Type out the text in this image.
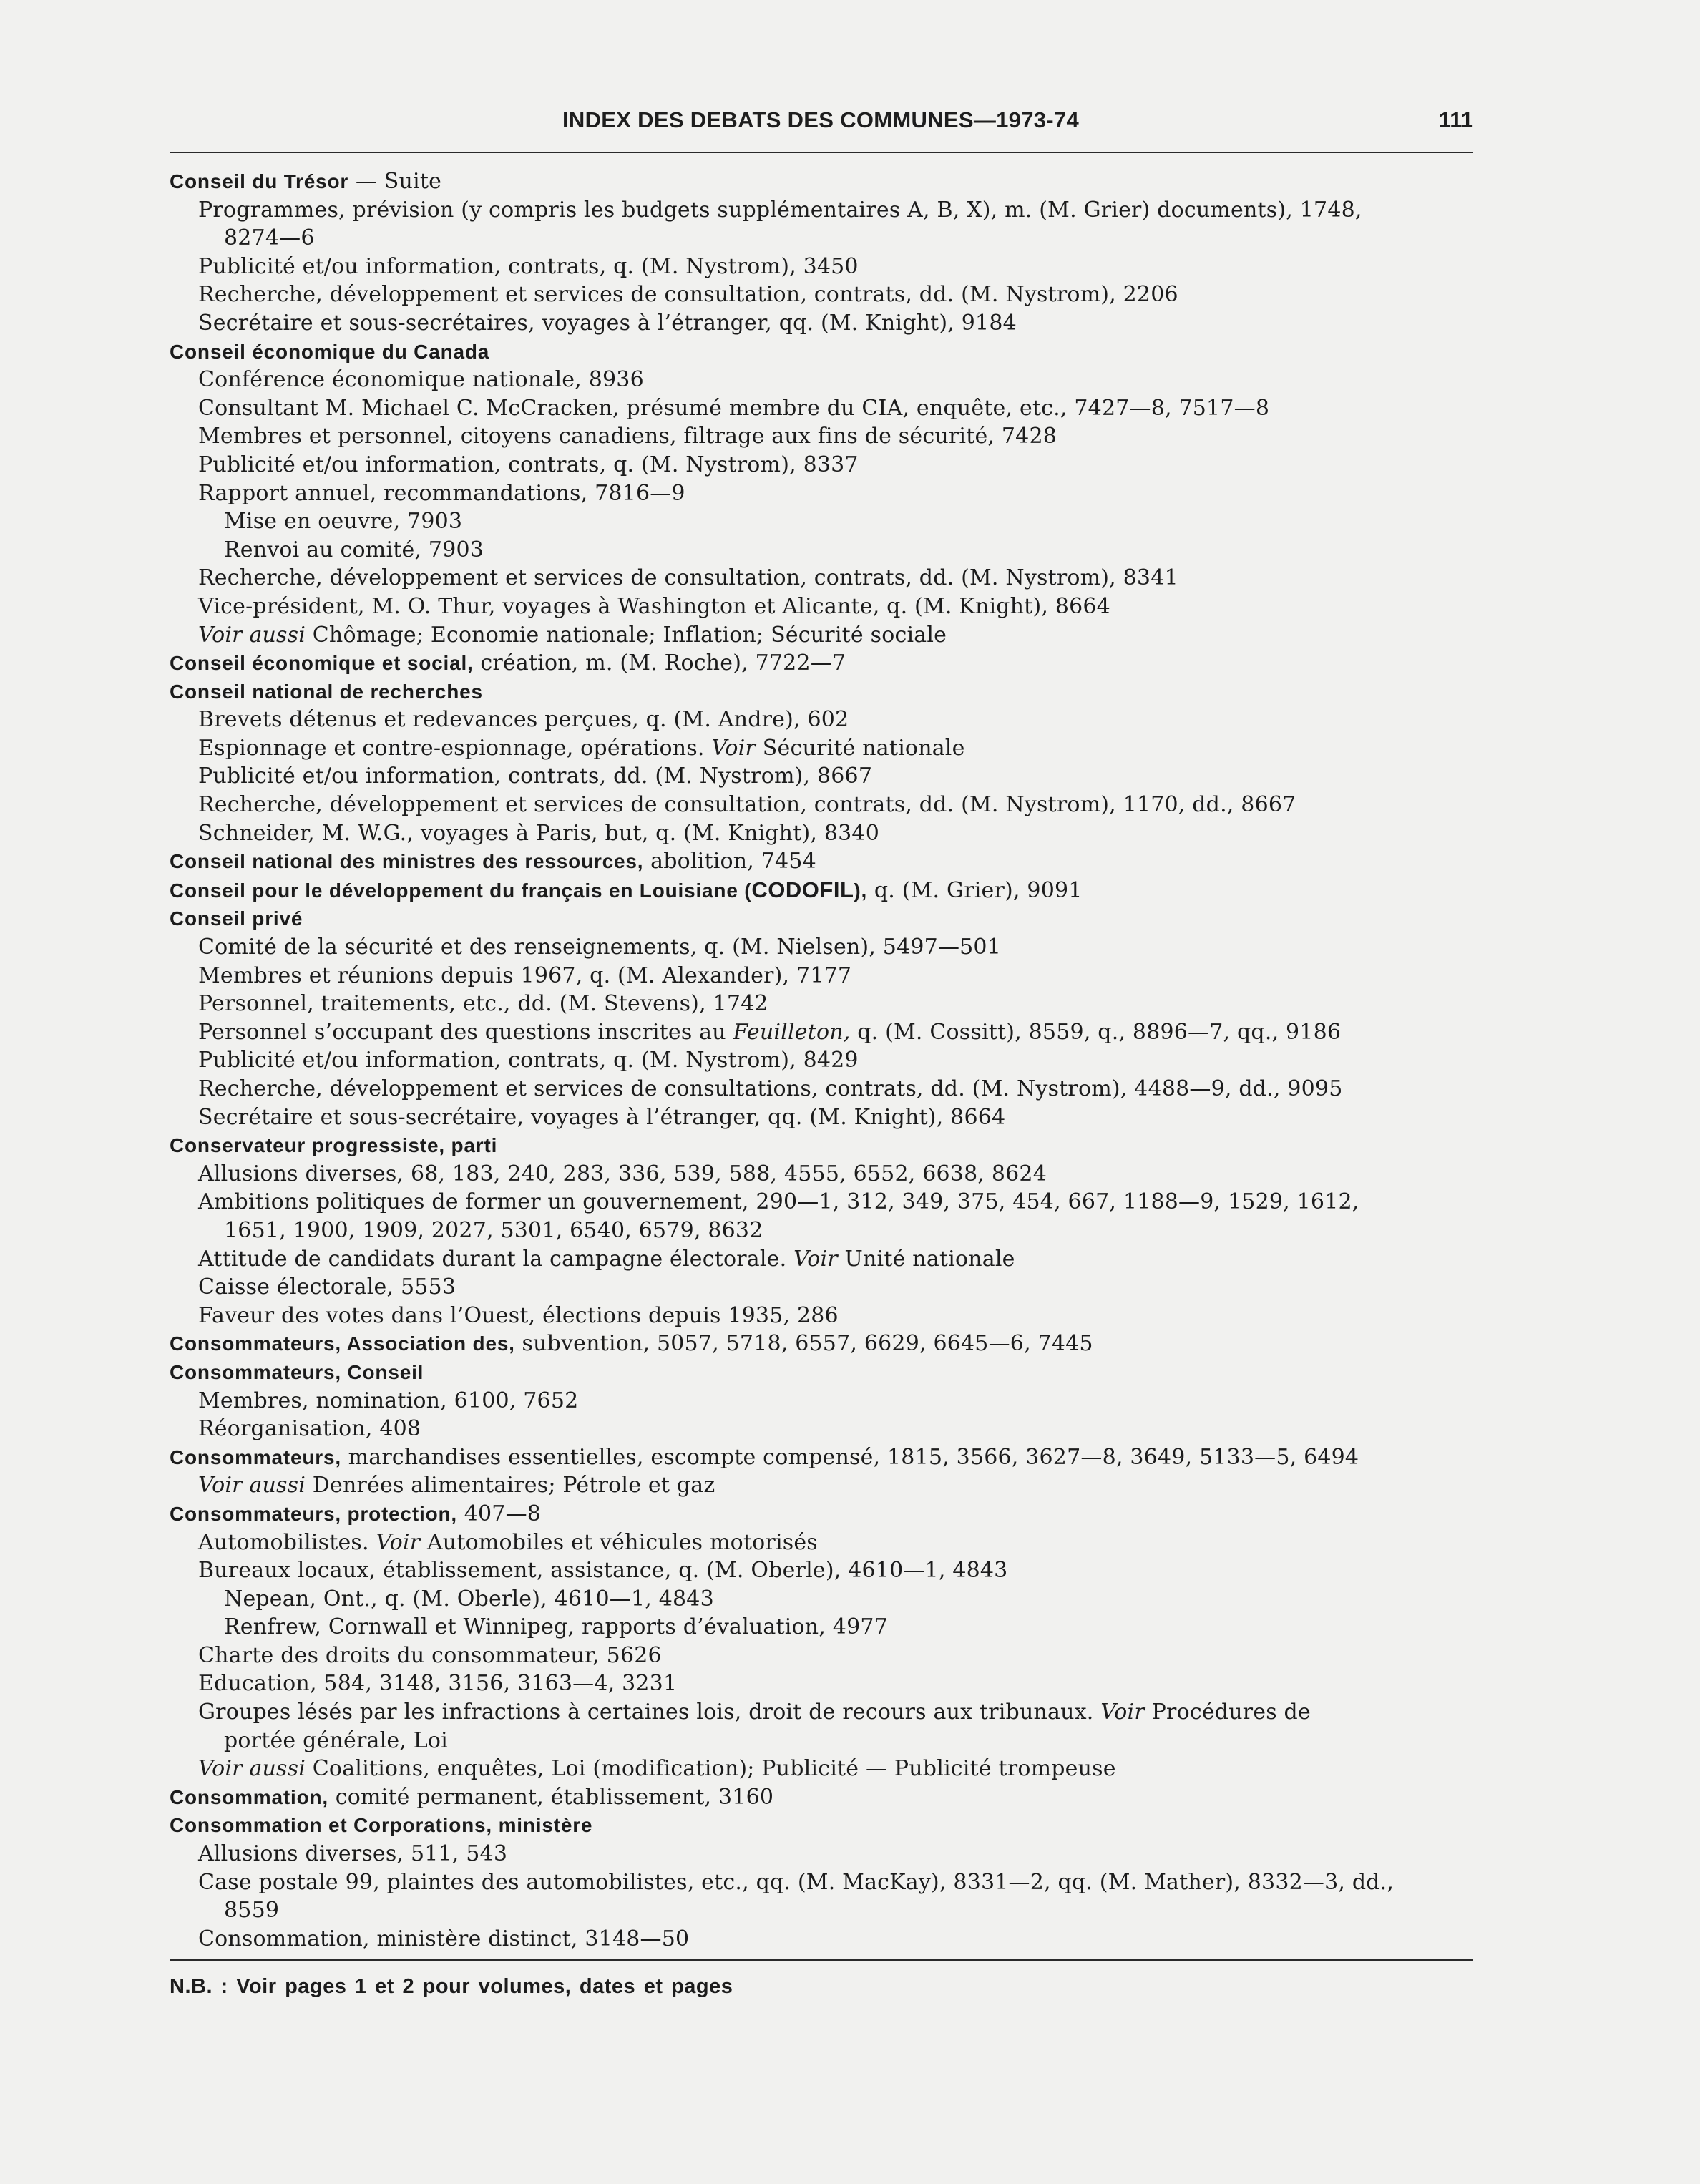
INDEX DES DEBATS DES COMMUNES—1973-74	111
Conseil du Trésor — Suite
Programmes, prévision (y compris les budgets supplémentaires A, B, X), m. (M. Grier) documents), 1748,
8274—6
Publicité et/ou information, contrats, q. (M. Nystrom), 3450
Recherche, développement et services de consultation, contrats, dd. (M. Nystrom), 2206
Secrétaire et sous-secrétaires, voyages à l’étranger, qq. (M. Knight), 9184
Conseil économique du Canada
Conférence économique nationale, 8936
Consultant M. Michael C. McCracken, présumé membre du CIA, enquête, etc., 7427—8, 7517—8
Membres et personnel, citoyens canadiens, filtrage aux fins de sécurité, 7428
Publicité et/ou information, contrats, q. (M. Nystrom), 8337
Rapport annuel, recommandations, 7816—9
Mise en oeuvre, 7903
Renvoi au comité, 7903
Recherche, développement et services de consultation, contrats, dd. (M. Nystrom), 8341
Vice-président, M. O. Thur, voyages à Washington et Alicante, q. (M. Knight), 8664
Voir aussi Chômage; Economie nationale; Inflation; Sécurité sociale
Conseil économique et social, création, m. (M. Roche), 7722—7
Conseil national de recherches
Brevets détenus et redevances perçues, q. (M. Andre), 602
Espionnage et contre-espionnage, opérations. Voir Sécurité nationale
Publicité et/ou information, contrats, dd. (M. Nystrom), 8667
Recherche, développement et services de consultation, contrats, dd. (M. Nystrom), 1170, dd., 8667
Schneider, M. W.G., voyages à Paris, but, q. (M. Knight), 8340
Conseil national des ministres des ressources, abolition, 7454
Conseil pour le développement du français en Louisiane (CODOFIL), q. (M. Grier), 9091
Conseil privé
Comité de la sécurité et des renseignements, q. (M. Nielsen), 5497—501
Membres et réunions depuis 1967, q. (M. Alexander), 7177
Personnel, traitements, etc., dd. (M. Stevens), 1742
Personnel s’occupant des questions inscrites au Feuilleton, q. (M. Cossitt), 8559, q., 8896—7, qq., 9186
Publicité et/ou information, contrats, q. (M. Nystrom), 8429
Recherche, développement et services de consultations, contrats, dd. (M. Nystrom), 4488—9, dd., 9095
Secrétaire et sous-secrétaire, voyages à l’étranger, qq. (M. Knight), 8664
Conservateur progressiste, parti
Allusions diverses, 68, 183, 240, 283, 336, 539, 588, 4555, 6552, 6638, 8624
Ambitions politiques de former un gouvernement, 290—1, 312, 349, 375, 454, 667, 1188—9, 1529, 1612,
1651, 1900, 1909, 2027, 5301, 6540, 6579, 8632
Attitude de candidats durant la campagne électorale. Voir Unité nationale
Caisse électorale, 5553
Faveur des votes dans l’Ouest, élections depuis 1935, 286
Consommateurs, Association des, subvention, 5057, 5718, 6557, 6629, 6645—6, 7445
Consommateurs, Conseil
Membres, nomination, 6100, 7652
Réorganisation, 408
Consommateurs, marchandises essentielles, escompte compensé, 1815, 3566, 3627—8, 3649, 5133—5, 6494
Voir aussi Denrées alimentaires; Pétrole et gaz
Consommateurs, protection, 407—8
Automobilistes. Voir Automobiles et véhicules motorisés
Bureaux locaux, établissement, assistance, q. (M. Oberle), 4610—1, 4843
Nepean, Ont., q. (M. Oberle), 4610—1, 4843
Renfrew, Cornwall et Winnipeg, rapports d’évaluation, 4977
Charte des droits du consommateur, 5626
Education, 584, 3148, 3156, 3163—4, 3231
Groupes lésés par les infractions à certaines lois, droit de recours aux tribunaux. Voir Procédures de
portée générale, Loi
Voir aussi Coalitions, enquêtes, Loi (modification); Publicité — Publicité trompeuse
Consommation, comité permanent, établissement, 3160
Consommation et Corporations, ministère
Allusions diverses, 511, 543
Case postale 99, plaintes des automobilistes, etc., qq. (M. MacKay), 8331—2, qq. (M. Mather), 8332—3, dd.,
8559
Consommation, ministère distinct, 3148—50
N.B. : Voir pages 1 et 2 pour volumes, dates et pages
